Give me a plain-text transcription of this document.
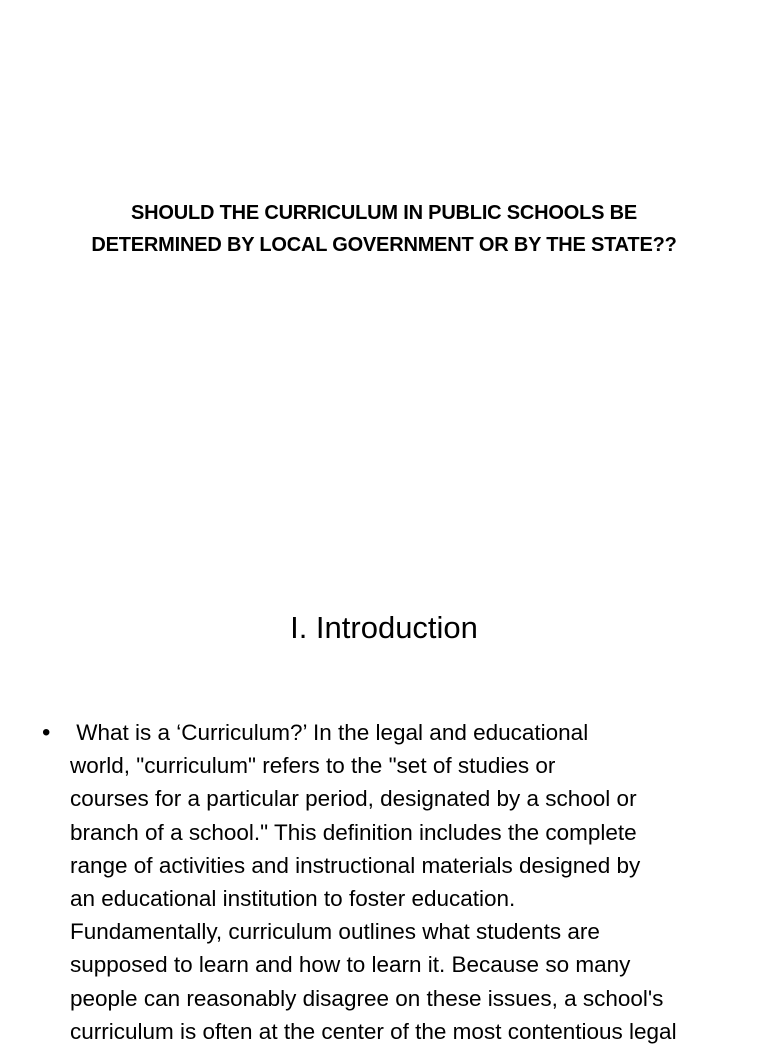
SHOULD THE CURRICULUM IN PUBLIC SCHOOLS BE
DETERMINED BY LOCAL GOVERNMENT OR BY THE STATE??
I. Introduction
• What is a ‘Curriculum?’ In the legal and educational
world, "curriculum" refers to the "set of studies or
courses for a particular period, designated by a school or
branch of a school." This definition includes the complete
range of activities and instructional materials designed by
an educational institution to foster education.
Fundamentally, curriculum outlines what students are
supposed to learn and how to learn it. Because so many
people can reasonably disagree on these issues, a school's
curriculum is often at the center of the most contentious legal
